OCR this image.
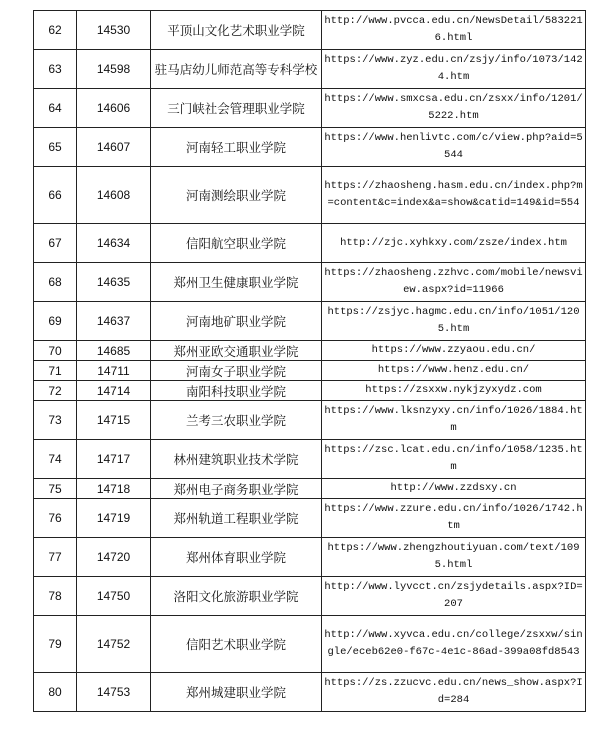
62	14530	平顶山文化艺术职业学院	http://www.pvcca.edu.cn/NewsDetail/5832216.html
63	14598	驻马店幼儿师范高等专科学校	https://www.zyz.edu.cn/zsjy/info/1073/1424.htm
64	14606	三门峡社会管理职业学院	https://www.smxcsa.edu.cn/zsxx/info/1201/5222.htm
65	14607	河南轻工职业学院	https://www.henlivtc.com/c/view.php?aid=5544
66	14608	河南测绘职业学院	https://zhaosheng.hasm.edu.cn/index.php?m=content&c=index&a=show&catid=149&id=554
67	14634	信阳航空职业学院	http://zjc.xyhkxy.com/zsze/index.htm
68	14635	郑州卫生健康职业学院	https://zhaosheng.zzhvc.com/mobile/newsview.aspx?id=11966
69	14637	河南地矿职业学院	https://zsjyc.hagmc.edu.cn/info/1051/1205.htm
70	14685	郑州亚欧交通职业学院	https://www.zzyaou.edu.cn/
71	14711	河南女子职业学院	https://www.henz.edu.cn/
72	14714	南阳科技职业学院	https://zsxxw.nykjzyxydz.com
73	14715	兰考三农职业学院	https://www.lksnzyxy.cn/info/1026/1884.htm
74	14717	林州建筑职业技术学院	https://zsc.lcat.edu.cn/info/1058/1235.htm
75	14718	郑州电子商务职业学院	http://www.zzdsxy.cn
76	14719	郑州轨道工程职业学院	https://www.zzure.edu.cn/info/1026/1742.htm
77	14720	郑州体育职业学院	https://www.zhengzhoutiyuan.com/text/1095.html
78	14750	洛阳文化旅游职业学院	http://www.lyvcct.cn/zsjydetails.aspx?ID=207
79	14752	信阳艺术职业学院	http://www.xyvca.edu.cn/college/zsxxw/single/eceb62e0-f67c-4e1c-86ad-399a08fd8543
80	14753	郑州城建职业学院	https://zs.zzucvc.edu.cn/news_show.aspx?Id=284
